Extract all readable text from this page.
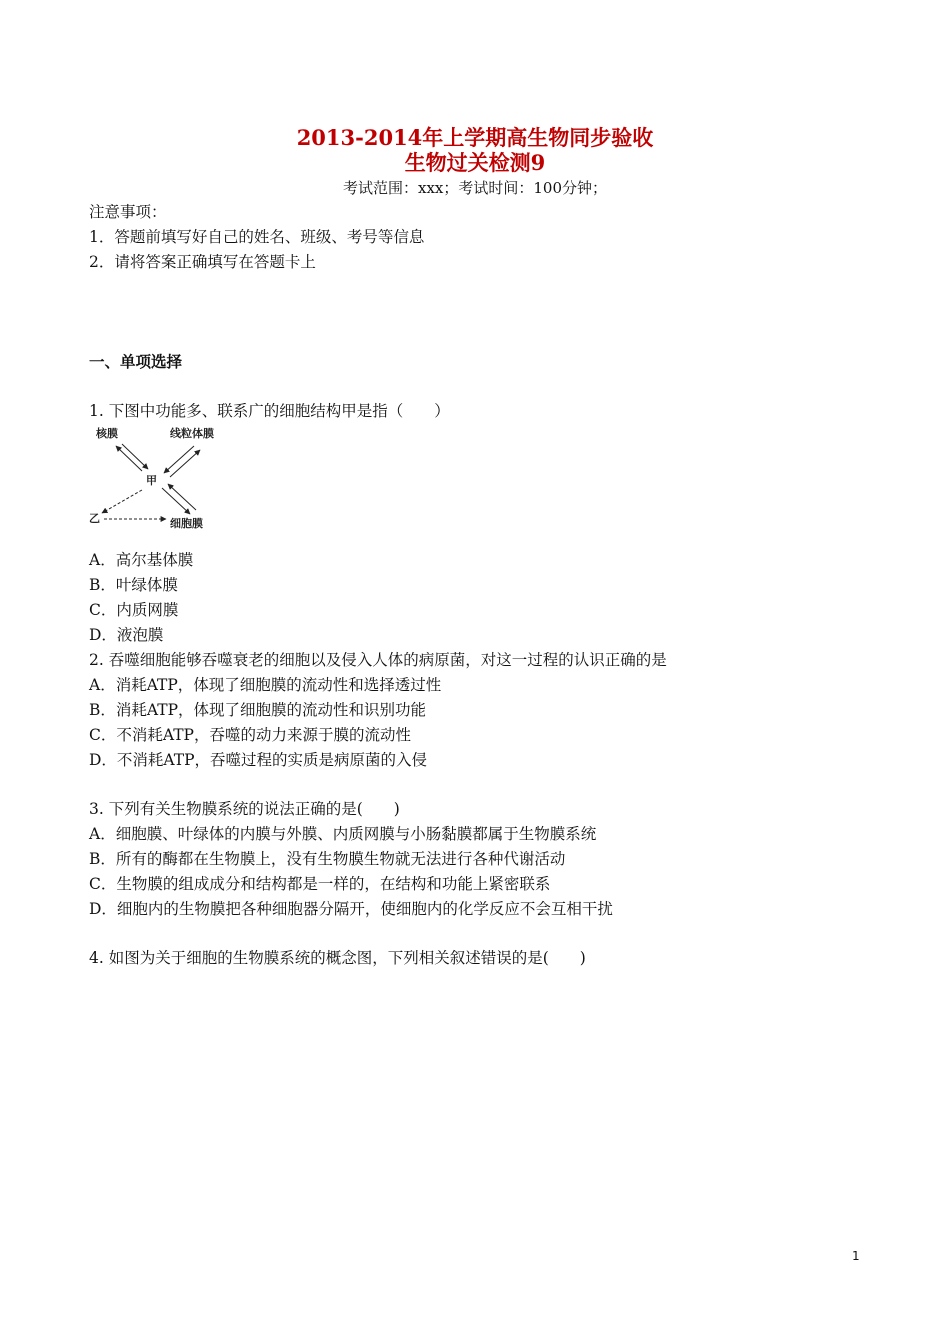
2013-2014年上学期高生物同步验收
生物过关检测9
考试范围：xxx；考试时间：100分钟；
注意事项：
1．答题前填写好自己的姓名、班级、考号等信息
2．请将答案正确填写在答题卡上
一、单项选择
1. 下图中功能多、联系广的细胞结构甲是指（　　）
核膜	线粒体膜
甲
乙	细胞膜
A．高尔基体膜
B．叶绿体膜
C．内质网膜
D．液泡膜
2. 吞噬细胞能够吞噬衰老的细胞以及侵入人体的病原菌，对这一过程的认识正确的是
A．消耗ATP，体现了细胞膜的流动性和选择透过性
B．消耗ATP，体现了细胞膜的流动性和识别功能
C．不消耗ATP，吞噬的动力来源于膜的流动性
D．不消耗ATP，吞噬过程的实质是病原菌的入侵
3. 下列有关生物膜系统的说法正确的是(　　)
A．细胞膜、叶绿体的内膜与外膜、内质网膜与小肠黏膜都属于生物膜系统
B．所有的酶都在生物膜上，没有生物膜生物就无法进行各种代谢活动
C．生物膜的组成成分和结构都是一样的，在结构和功能上紧密联系
D．细胞内的生物膜把各种细胞器分隔开，使细胞内的化学反应不会互相干扰
4. 如图为关于细胞的生物膜系统的概念图，下列相关叙述错误的是(　　)
1
